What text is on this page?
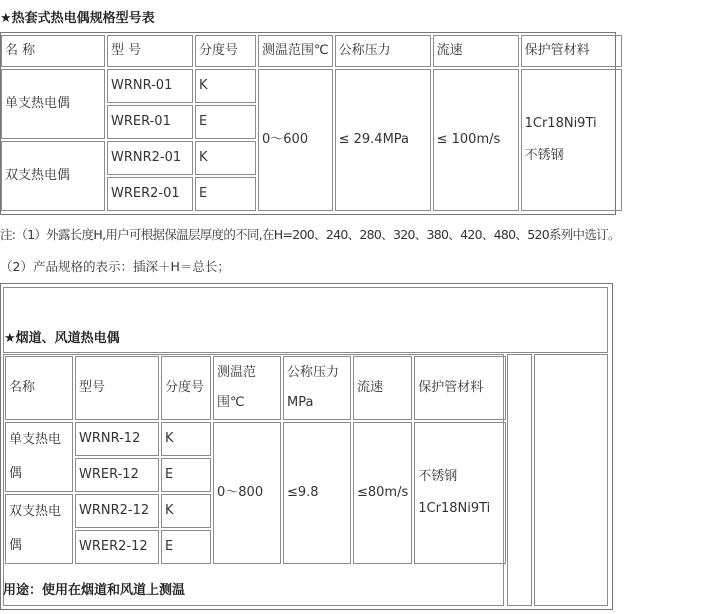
★热套式热电偶规格型号表
名 称	型 号	分度号	测温范围℃	公称压力	流速	保护管材料
单支热电偶	WRNR-01	K	0～600	≤ 29.4MPa	≤ 100m/s	1Cr18Ni9Ti
不锈钢

	WRER-01	E				
双支热电偶	WRNR2-01	K				
	WRER2-01	E				
注:（1）外露长度H,用户可根据保温层厚度的不同,在H=200、240、280、320、380、420、480、520系列中选订。
（2）产品规格的表示：插深＋H＝总长；
★烟道、风道热电偶
名称	型号	分度号	测温范围℃	公称压力MPa	流速	保护管材料
单支热电偶	WRNR-12	K	0～800	≤9.8	≤80m/s	不锈钢
1Cr18Ni9Ti

	WRER-12	E				
双支热电偶	WRNR2-12	K				
	WRER2-12	E				
用途：使用在烟道和风道上测温
